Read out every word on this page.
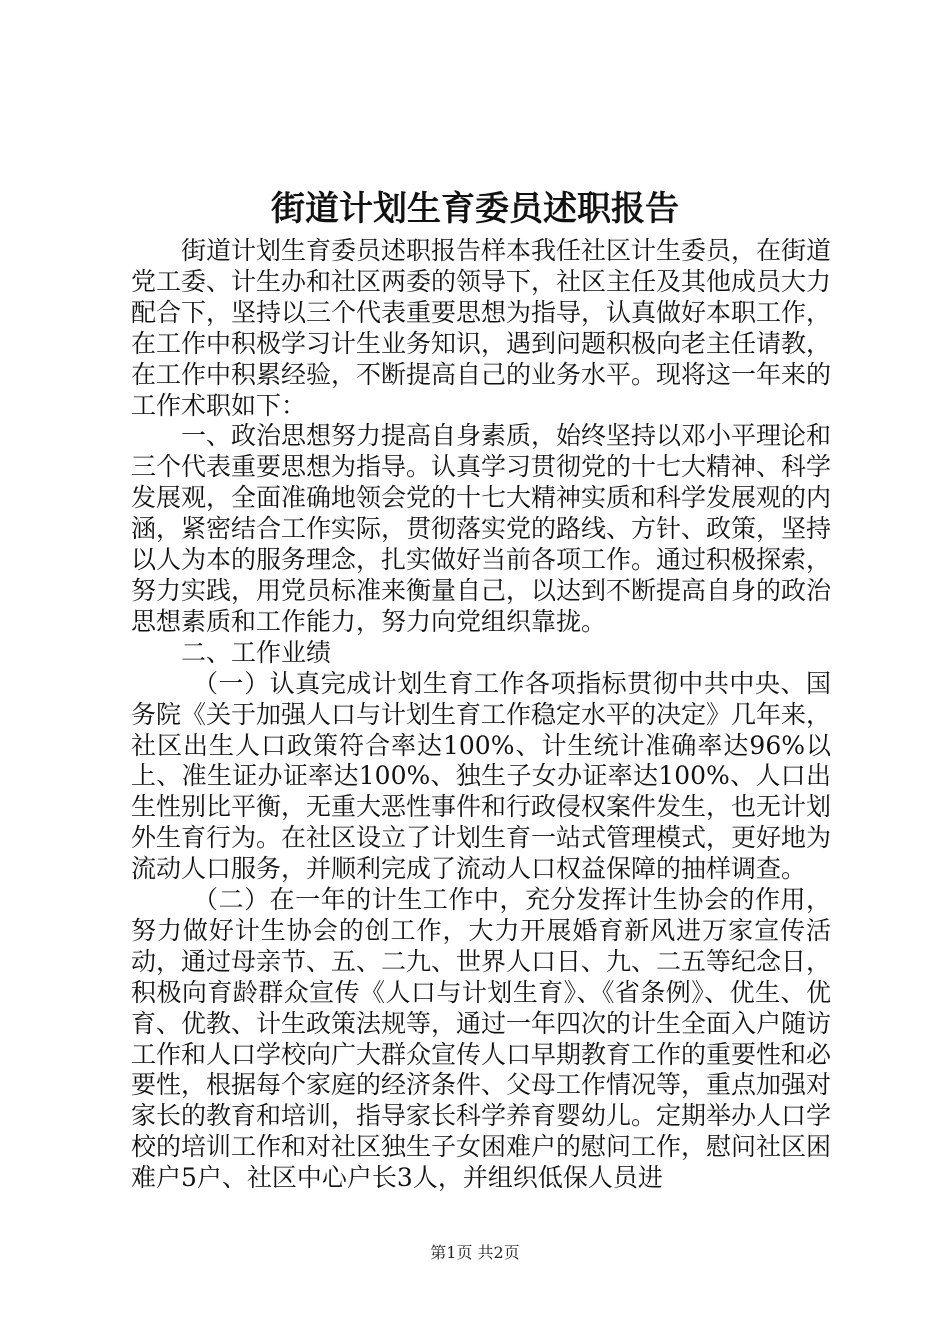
街道计划生育委员述职报告

街道计划生育委员述职报告样本我任社区计生委员，在街道党工委、计生办和社区两委的领导下，社区主任及其他成员大力配合下，坚持以三个代表重要思想为指导，认真做好本职工作，在工作中积极学习计生业务知识，遇到问题积极向老主任请教，在工作中积累经验，不断提高自己的业务水平。现将这一年来的工作术职如下：

一、政治思想努力提高自身素质，始终坚持以邓小平理论和三个代表重要思想为指导。认真学习贯彻党的十七大精神、科学发展观，全面准确地领会党的十七大精神实质和科学发展观的内涵，紧密结合工作实际，贯彻落实党的路线、方针、政策，坚持以人为本的服务理念，扎实做好当前各项工作。通过积极探索，努力实践，用党员标准来衡量自己，以达到不断提高自身的政治思想素质和工作能力，努力向党组织靠拢。

二、工作业绩

（一）认真完成计划生育工作各项指标贯彻中共中央、国务院《关于加强人口与计划生育工作稳定水平的决定》几年来，社区出生人口政策符合率达100%、计生统计准确率达96%以上、准生证办证率达100%、独生子女办证率达100%、人口出生性别比平衡，无重大恶性事件和行政侵权案件发生，也无计划外生育行为。在社区设立了计划生育一站式管理模式，更好地为流动人口服务，并顺利完成了流动人口权益保障的抽样调查。

（二）在一年的计生工作中，充分发挥计生协会的作用，努力做好计生协会的创工作，大力开展婚育新风进万家宣传活动，通过母亲节、五、二九、世界人口日、九、二五等纪念日，积极向育龄群众宣传《人口与计划生育》、《省条例》、优生、优育、优教、计生政策法规等，通过一年四次的计生全面入户随访工作和人口学校向广大群众宣传人口早期教育工作的重要性和必要性，根据每个家庭的经济条件、父母工作情况等，重点加强对家长的教育和培训，指导家长科学养育婴幼儿。定期举办人口学校的培训工作和对社区独生子女困难户的慰问工作，慰问社区困难户5户、社区中心户长3人，并组织低保人员进

第1页 共2页
